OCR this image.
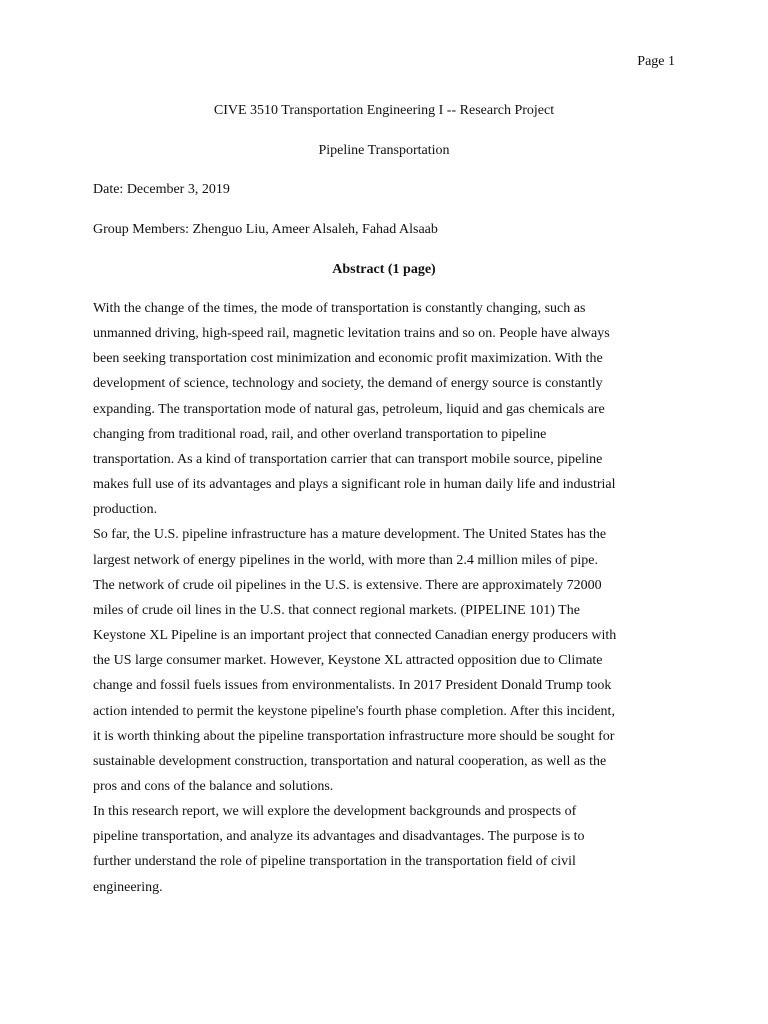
Page 1
CIVE 3510 Transportation Engineering I -- Research Project
Pipeline Transportation
Date: December 3, 2019
Group Members: Zhenguo Liu, Ameer Alsaleh, Fahad Alsaab
Abstract (1 page)
With the change of the times, the mode of transportation is constantly changing, such as
unmanned driving, high-speed rail, magnetic levitation trains and so on. People have always
been seeking transportation cost minimization and economic profit maximization. With the
development of science, technology and society, the demand of energy source is constantly
expanding. The transportation mode of natural gas, petroleum, liquid and gas chemicals are
changing from traditional road, rail, and other overland transportation to pipeline
transportation. As a kind of transportation carrier that can transport mobile source, pipeline
makes full use of its advantages and plays a significant role in human daily life and industrial
production.
So far, the U.S. pipeline infrastructure has a mature development. The United States has the
largest network of energy pipelines in the world, with more than 2.4 million miles of pipe.
The network of crude oil pipelines in the U.S. is extensive. There are approximately 72000
miles of crude oil lines in the U.S. that connect regional markets. (PIPELINE 101) The
Keystone XL Pipeline is an important project that connected Canadian energy producers with
the US large consumer market. However, Keystone XL attracted opposition due to Climate
change and fossil fuels issues from environmentalists. In 2017 President Donald Trump took
action intended to permit the keystone pipeline's fourth phase completion. After this incident,
it is worth thinking about the pipeline transportation infrastructure more should be sought for
sustainable development construction, transportation and natural cooperation, as well as the
pros and cons of the balance and solutions.
In this research report, we will explore the development backgrounds and prospects of
pipeline transportation, and analyze its advantages and disadvantages. The purpose is to
further understand the role of pipeline transportation in the transportation field of civil
engineering.
